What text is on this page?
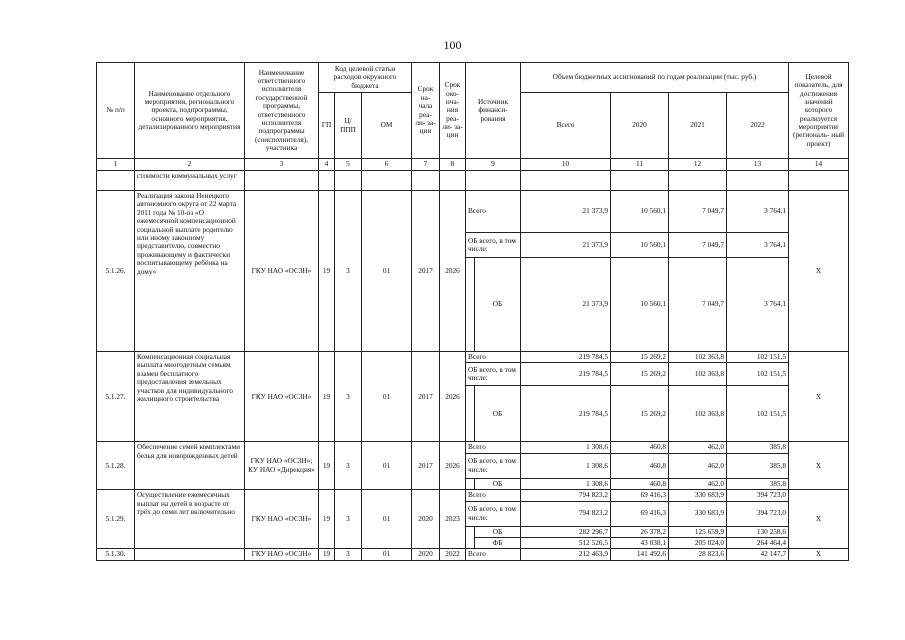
100
№ п/п	Наименование отдельного мероприятия, регионального проекта, подпрограммы, основного мероприятия, детализированного мероприятия	Наименование ответственного исполнителя государственной программы, ответственного исполнителя подпрограммы (соисполнителя), участника	Код целевой статьи расходов окружного бюджета			Срок на- чала реа- ли- за- ции	Срок око- нча- ния реа- ли- за- ции	Источник финанси- рования		Объем бюджетных ассигнований по годам реализации (тыс. руб.)				Целевой показатель, для достижения значений которого реализуется мероприятие (региональ- ный проект)
			ГП	Ц/ ППП	ОМ					Всего	2020	2021	2022	
1	2	3	4	5	6	7	8	9		10	11	12	13	14
	стоимости коммунальных услуг													
5.1.26.	Реализация закона Ненецкого автономного округа от 22 марта 2011 года № 10-оз «О ежемесячной компенсационной социальной выплате родителю или иному законному представителю, совместно проживающему и фактически воспитывающему ребёнка на дому»	ГКУ НАО «ОСЗН»	19	3	01	2017	2026	Всего		21 373,9	10 560,1	7 049,7	3 764,1	X
								ОБ всего, в том числе:		21 373,9	10 560,1	7 049,7	3 764,1	
									ОБ	21 373,9	10 560,1	7 049,7	3 764,1	
5.1.27.	Компенсационная социальная выплата многодетным семьям взамен бесплатного предоставления земельных участков для индивидуального жилищного строительства	ГКУ НАО «ОСЗН»	19	3	01	2017	2026	Всего		219 784,5	15 269,2	102 363,8	102 151,5	X
								ОБ всего, в том числе:		219 784,5	15 269,2	102 363,8	102 151,5	
									ОБ	219 784,5	15 269,2	102 363,8	102 151,5	
5.1.28.	Обеспечение семей комплектами белья для новорожденных детей	ГКУ НАО «ОСЗН»; КУ НАО «Дирекция»	19	3	01	2017	2026	Всего		1 308,6	460,8	462,0	385,8	X
								ОБ всего, в том числе:		1 308,6	460,8	462,0	385,8	
									ОБ	1 308,6	460,8	462,0	385,8	
5.1.29.	Осуществление ежемесячных выплат на детей в возрасте от трёх до семи лет включительно	ГКУ НАО «ОСЗН»	19	3	01	2020	2023	Всего		794 823,2	69 416,3	330 683,9	394 723,0	X
								ОБ всего, в том числе:		794 823,2	69 416,3	330 683,9	394 723,0	
									ОБ	282 296,7	26 378,2	125 659,9	130 258,6	
									ФБ	512 526,5	43 038,1	205 024,0	264 464,4	
5.1.30.		ГКУ НАО «ОСЗН»	19	3	01	2020	2022	Всего		212 463,9	141 492,6	28 823,6	42 147,7	X
